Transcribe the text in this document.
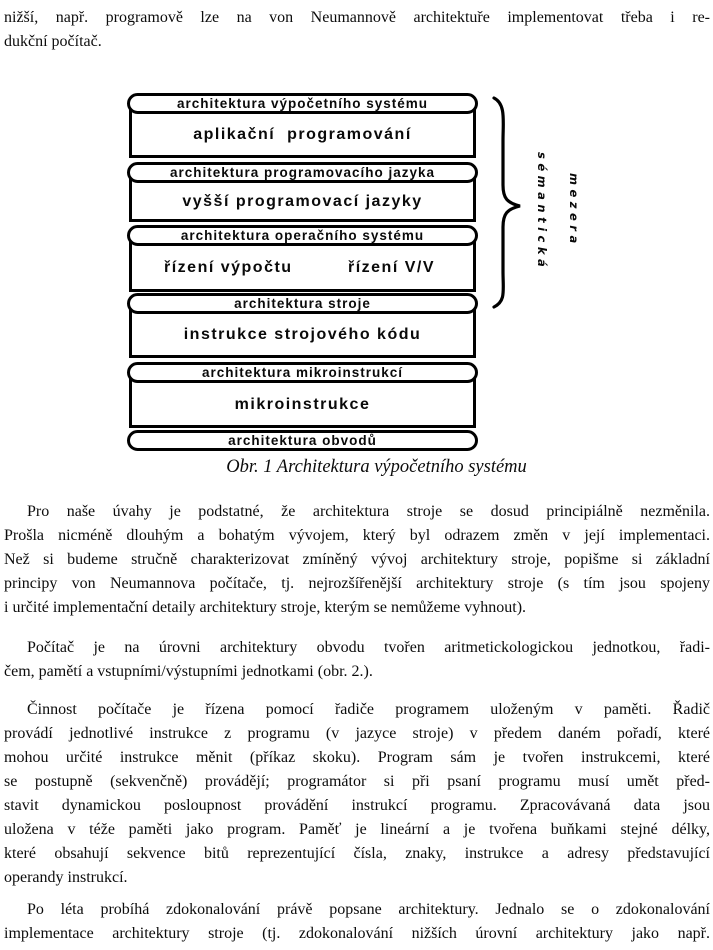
nižší, např. programově lze na von Neumannově architektuře implementovat třeba i re-
dukční počítač.
architektura výpočetního systému
aplikační  programování
architektura programovacího jazyka
vyšší programovací jazyky
architektura operačního systému
řízení výpočtu	řízení V/V
architektura stroje
instrukce strojového kódu
architektura mikroinstrukcí
mikroinstrukce
architektura obvodů
sémantická mezera
Obr. 1 Architektura výpočetního systému
Pro naše úvahy je podstatné, že architektura stroje se dosud principiálně nezměnila.
Prošla nicméně dlouhým a bohatým vývojem, který byl odrazem změn v její implementaci.
Než si budeme stručně charakterizovat zmíněný vývoj architektury stroje, popišme si základní
principy von Neumannova počítače, tj. nejrozšířenější architektury stroje (s tím jsou spojeny
i určité implementační detaily architektury stroje, kterým se nemůžeme vyhnout).
Počítač je na úrovni architektury obvodu tvořen aritmetickologickou jednotkou, řadi-
čem, pamětí a vstupními/výstupními jednotkami (obr. 2.).
Činnost počítače je řízena pomocí řadiče programem uloženým v paměti. Řadič
provádí jednotlivé instrukce z programu (v jazyce stroje) v předem daném pořadí, které
mohou určité instrukce měnit (příkaz skoku). Program sám je tvořen instrukcemi, které
se postupně (sekvenčně) provádějí; programátor si při psaní programu musí umět před-
stavit dynamickou posloupnost provádění instrukcí programu. Zpracovávaná data jsou
uložena v téže paměti jako program. Paměť je lineární a je tvořena buňkami stejné délky,
které obsahují sekvence bitů reprezentující čísla, znaky, instrukce a adresy představující
operandy instrukcí.
Po léta probíhá zdokonalování právě popsane architektury. Jednalo se o zdokonalování
implementace architektury stroje (tj. zdokonalování nižších úrovní architektury jako např.
